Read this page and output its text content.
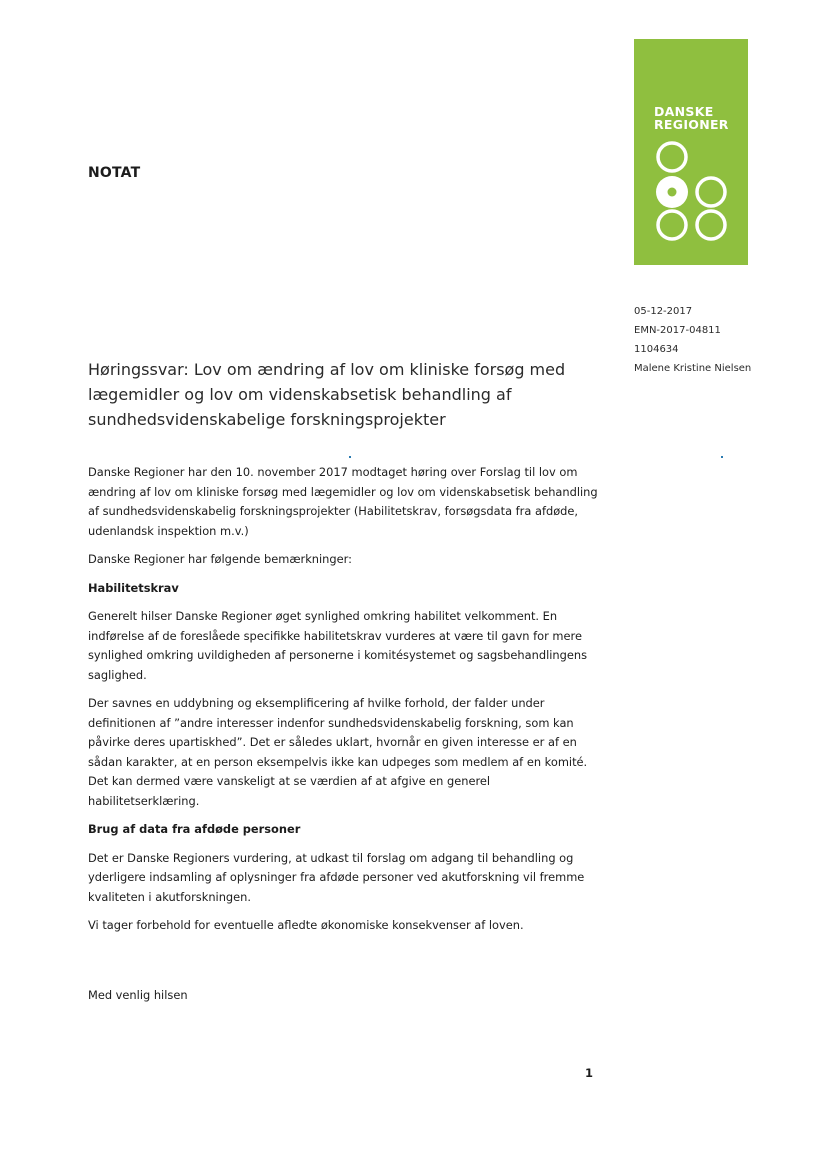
NOTAT
DANSKE
REGIONER
05-12-2017
EMN-2017-04811
1104634
Malene Kristine Nielsen
Høringssvar: Lov om ændring af lov om kliniske forsøg med lægemidler og lov om videnskabsetisk behandling af sundhedsvidenskabelige forskningsprojekter

Danske Regioner har den 10. november 2017 modtaget høring over Forslag til lov om ændring af lov om kliniske forsøg med lægemidler og lov om videnskabsetisk behandling af sundhedsvidenskabelig forskningsprojekter (Habilitetskrav, forsøgsdata fra afdøde, udenlandsk inspektion m.v.)

Danske Regioner har følgende bemærkninger:

Habilitetskrav

Generelt hilser Danske Regioner øget synlighed omkring habilitet velkomment. En indførelse af de foreslåede specifikke habilitetskrav vurderes at være til gavn for mere synlighed omkring uvildigheden af personerne i komitésystemet og sagsbehandlingens saglighed.

Der savnes en uddybning og eksemplificering af hvilke forhold, der falder under definitionen af ”andre interesser indenfor sundhedsvidenskabelig forskning, som kan påvirke deres upartiskhed”. Det er således uklart, hvornår en given interesse er af en sådan karakter, at en person eksempelvis ikke kan udpeges som medlem af en komité. Det kan dermed være vanskeligt at se værdien af at afgive en generel habilitetserklæring.

Brug af data fra afdøde personer

Det er Danske Regioners vurdering, at udkast til forslag om adgang til behandling og yderligere indsamling af oplysninger fra afdøde personer ved akutforskning vil fremme kvaliteten i akutforskningen.

Vi tager forbehold for eventuelle afledte økonomiske konsekvenser af loven.

Med venlig hilsen
1
